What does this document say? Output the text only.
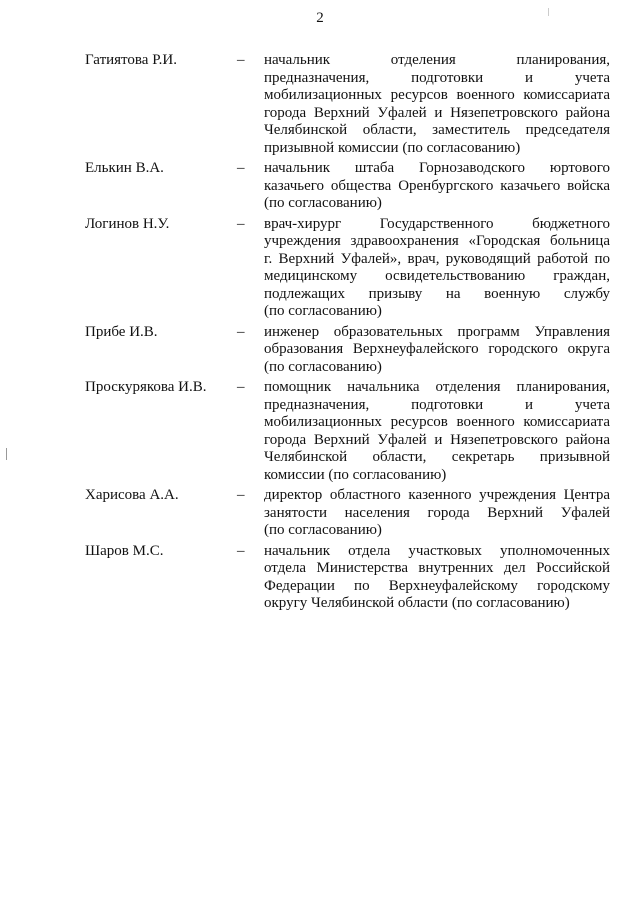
2
Гатиятова Р.И.	–	начальник отделения планирования,
предназначения, подготовки и учета
мобилизационных ресурсов военного комиссариата
города Верхний Уфалей и Нязепетровского района
Челябинской области, заместитель председателя
призывной комиссии (по согласованию)
Елькин В.А.	–	начальник штаба Горнозаводского юртового
казачьего общества Оренбургского казачьего войска
(по согласованию)
Логинов Н.У.	–	врач-хирург Государственного бюджетного
учреждения здравоохранения «Городская больница
г. Верхний Уфалей», врач, руководящий работой по
медицинскому освидетельствованию граждан,
подлежащих призыву на военную службу
(по согласованию)
Прибе И.В.	–	инженер образовательных программ Управления
образования Верхнеуфалейского городского округа
(по согласованию)
Проскурякова И.В.	–	помощник начальника отделения планирования,
предназначения, подготовки и учета
мобилизационных ресурсов военного комиссариата
города Верхний Уфалей и Нязепетровского района
Челябинской области, секретарь призывной
комиссии (по согласованию)
Харисова А.А.	–	директор областного казенного учреждения Центра
занятости населения города Верхний Уфалей
(по согласованию)
Шаров М.С.	–	начальник отдела участковых уполномоченных
отдела Министерства внутренних дел Российской
Федерации по Верхнеуфалейскому городскому
округу Челябинской области (по согласованию)
